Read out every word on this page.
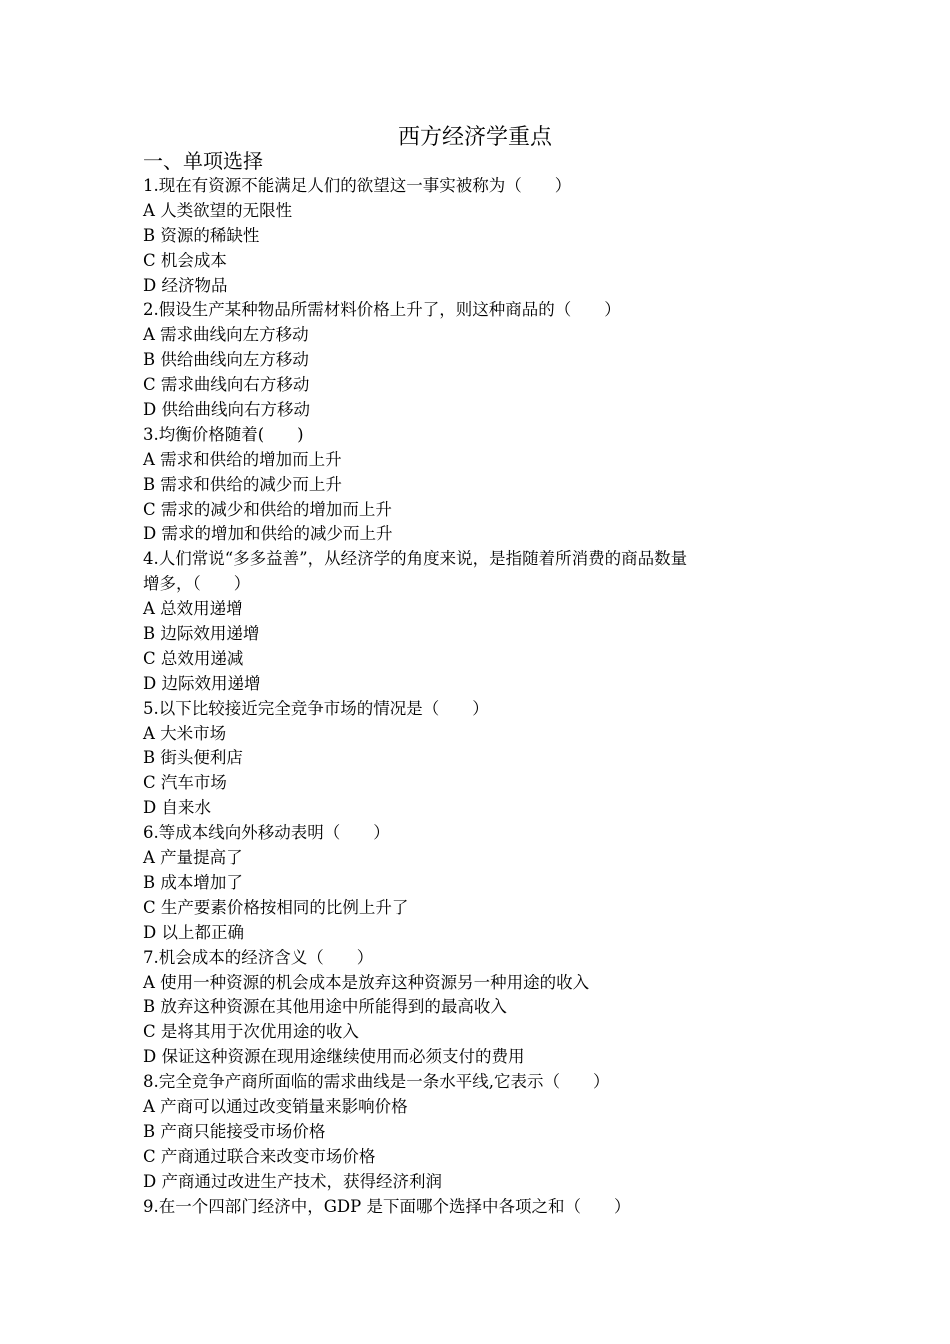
西方经济学重点
一、单项选择
1.现在有资源不能满足人们的欲望这一事实被称为（　　）
A 人类欲望的无限性
B 资源的稀缺性
C 机会成本
D 经济物品
2.假设生产某种物品所需材料价格上升了，则这种商品的（　　）
A 需求曲线向左方移动
B 供给曲线向左方移动
C 需求曲线向右方移动
D 供给曲线向右方移动
3.均衡价格随着(　　)
A 需求和供给的增加而上升
B 需求和供给的减少而上升
C 需求的减少和供给的增加而上升
D 需求的增加和供给的减少而上升
4.人们常说“多多益善”，从经济学的角度来说，是指随着所消费的商品数量
增多，（　　）
A 总效用递增
B 边际效用递增
C 总效用递减
D 边际效用递增
5.以下比较接近完全竞争市场的情况是（　　）
A 大米市场
B 街头便利店
C 汽车市场
D 自来水
6.等成本线向外移动表明（　　）
A 产量提高了
B 成本增加了
C 生产要素价格按相同的比例上升了
D 以上都正确
7.机会成本的经济含义（　　）
A 使用一种资源的机会成本是放弃这种资源另一种用途的收入
B 放弃这种资源在其他用途中所能得到的最高收入
C 是将其用于次优用途的收入
D 保证这种资源在现用途继续使用而必须支付的费用
8.完全竞争产商所面临的需求曲线是一条水平线,它表示（　　）
A 产商可以通过改变销量来影响价格
B 产商只能接受市场价格
C 产商通过联合来改变市场价格
D 产商通过改进生产技术，获得经济利润
9.在一个四部门经济中，GDP 是下面哪个选择中各项之和（　　）
